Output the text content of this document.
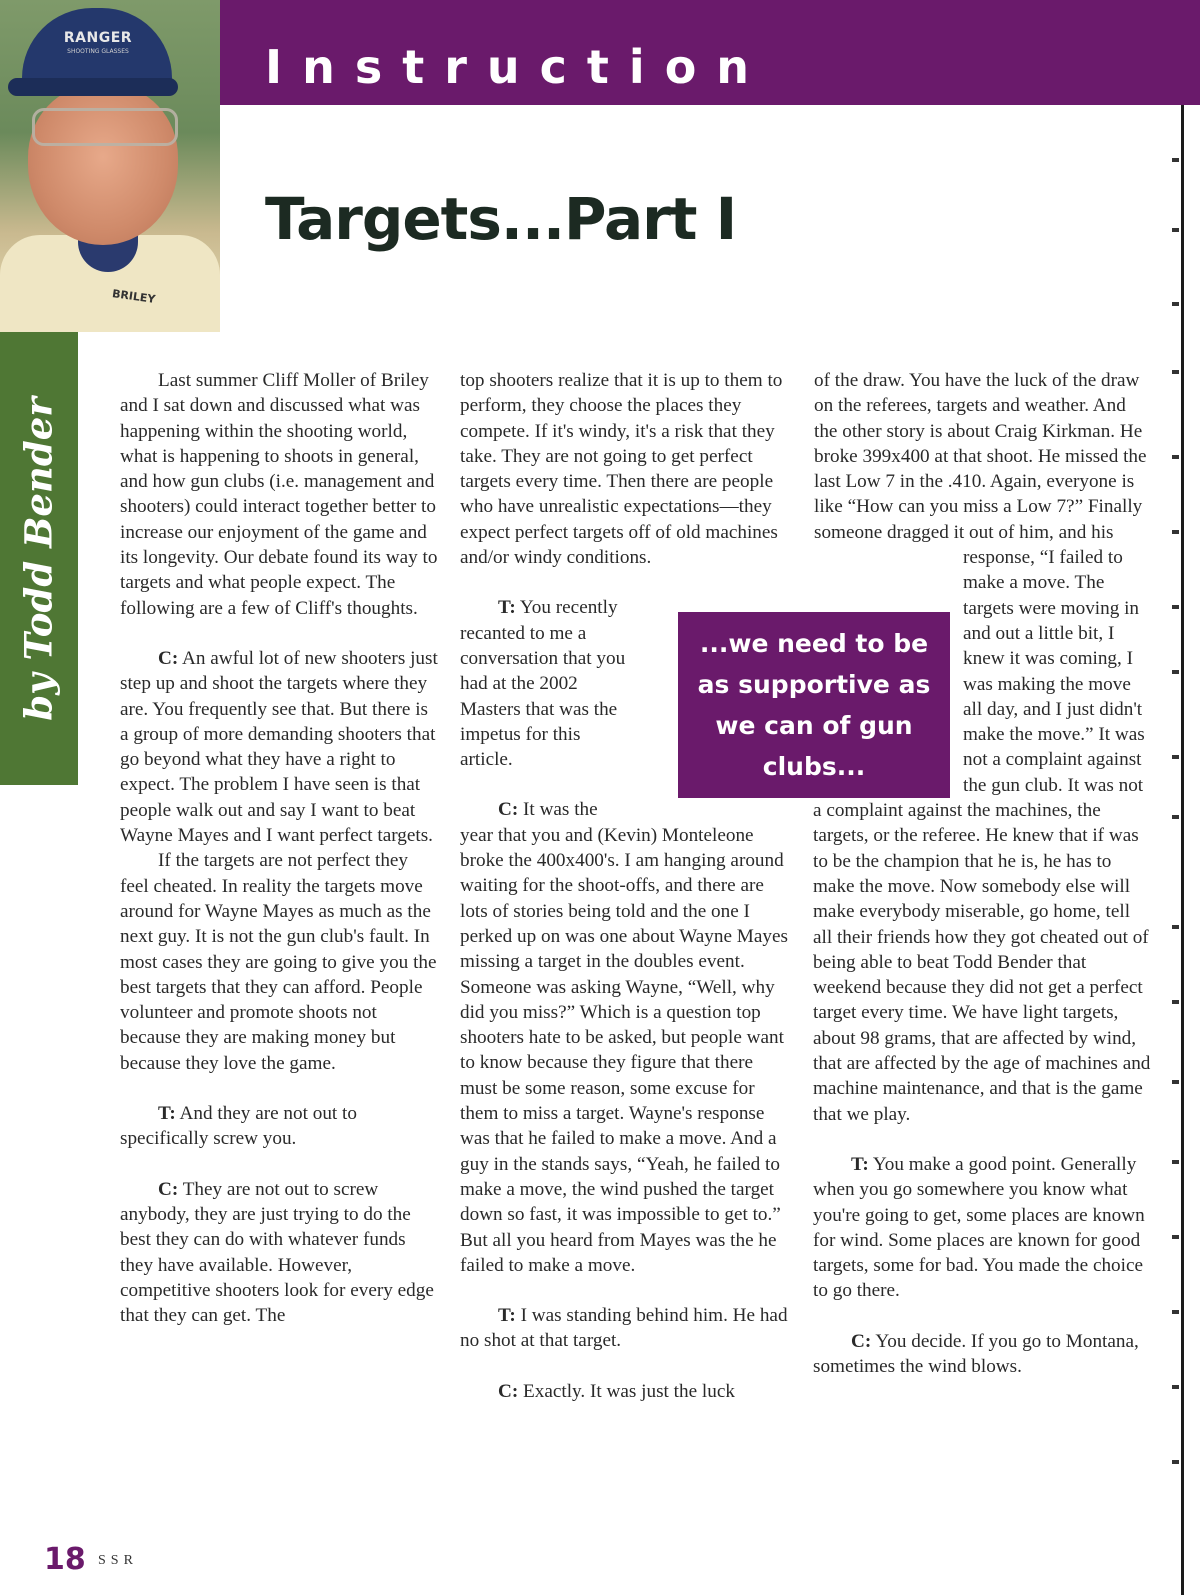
RANGER
SHOOTING GLASSES
BRILEY
Instruction
Targets...Part I
by Todd Bender

Last summer Cliff Moller of Briley and I sat down and discussed what was happening within the shooting world, what is happening to shoots in general, and how gun clubs (i.e. management and shooters) could interact together better to increase our enjoyment of the game and its longevity. Our debate found its way to targets and what people expect. The following are a few of Cliff's thoughts.

C: An awful lot of new shooters just step up and shoot the targets where they are. You frequently see that. But there is a group of more demanding shooters that go beyond what they have a right to expect. The problem I have seen is that people walk out and say I want to beat Wayne Mayes and I want perfect targets.

If the targets are not perfect they feel cheated. In reality the targets move around for Wayne Mayes as much as the next guy. It is not the gun club's fault. In most cases they are going to give you the best targets that they can afford. People volunteer and promote shoots not because they are making money but because they love the game.

T: And they are not out to specifically screw you.

C: They are not out to screw anybody, they are just trying to do the best they can do with whatever funds they have available. However, competitive shooters look for every edge that they can get. The

top shooters realize that it is up to them to perform, they choose the places they compete. If it's windy, it's a risk that they take. They are not going to get perfect targets every time. Then there are people who have unrealistic expectations—they expect perfect targets off of old machines and/or windy conditions.

T: You recently recanted to me a conversation that you had at the 2002 Masters that was the impetus for this article.

C: It was the year that you and (Kevin) Monteleone broke the 400x400's. I am hanging around waiting for the shoot-offs, and there are lots of stories being told and the one I perked up on was one about Wayne Mayes missing a target in the doubles event. Someone was asking Wayne, “Well, why did you miss?” Which is a question top shooters hate to be asked, but people want to know because they figure that there must be some reason, some excuse for them to miss a target. Wayne's response was that he failed to make a move. And a guy in the stands says, “Yeah, he failed to make a move, the wind pushed the target down so fast, it was impossible to get to.” But all you heard from Mayes was the he failed to make a move.

T: I was standing behind him. He had no shot at that target.

C: Exactly. It was just the luck

of the draw. You have the luck of the draw on the referees, targets and weather. And the other story is about Craig Kirkman. He broke 399x400 at that shoot. He missed the last Low 7 in the .410. Again, everyone is like “How can you miss a Low 7?” Finally someone dragged it out of him, and his response, “I failed to make a move. The targets were moving in and out a little bit, I knew it was coming, I was making the move all day, and I just didn't make the move.” It was not a complaint against the gun club. It was not a complaint against the machines, the targets, or the referee. He knew that if was to be the champion that he is, he has to make the move. Now somebody else will make everybody miserable, go home, tell all their friends how they got cheated out of being able to beat Todd Bender that weekend because they did not get a perfect target every time. We have light targets, about 98 grams, that are affected by wind, that are affected by the age of machines and machine maintenance, and that is the game that we play.

T: You make a good point. Generally when you go somewhere you know what you're going to get, some places are known for wind. Some places are known for good targets, some for bad. You made the choice to go there.

C: You decide. If you go to Montana, sometimes the wind blows.

...we need to be as supportive as we can of gun clubs...
18 SSR
